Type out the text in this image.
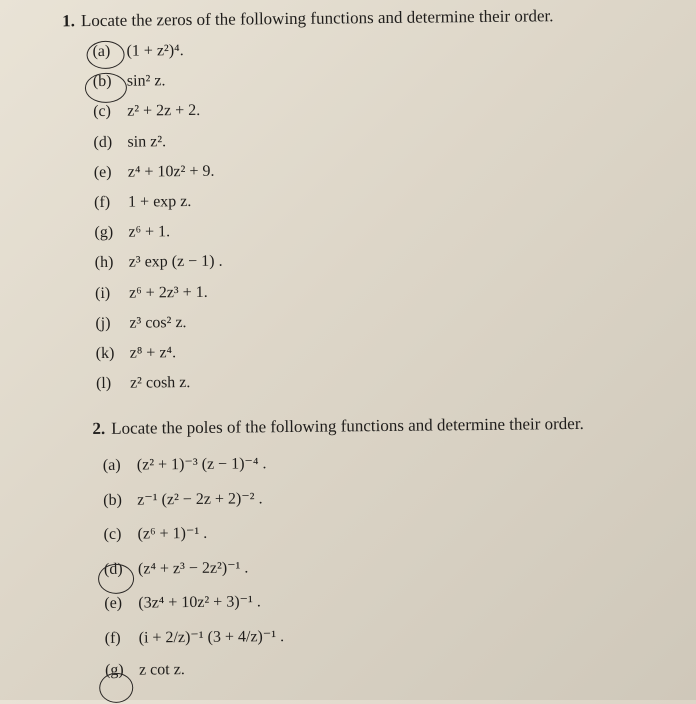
1. Locate the zeros of the following functions and determine their order.
(a) (1 + z²)⁴.
(b) sin² z.
(c) z² + 2z + 2.
(d) sin z².
(e) z⁴ + 10z² + 9.
(f) 1 + exp z.
(g) z⁶ + 1.
(h) z³ exp (z − 1) .
(i) z⁶ + 2z³ + 1.
(j) z³ cos² z.
(k) z⁸ + z⁴.
(l) z² cosh z.
2. Locate the poles of the following functions and determine their order.
(a) (z² + 1)⁻³ (z − 1)⁻⁴ .
(b) z⁻¹ (z² − 2z + 2)⁻² .
(c) (z⁶ + 1)⁻¹ .
(d) (z⁴ + z³ − 2z²)⁻¹ .
(e) (3z⁴ + 10z² + 3)⁻¹ .
(f) (i + 2/z)⁻¹ (3 + 4/z)⁻¹ .
(g) z cot z.
